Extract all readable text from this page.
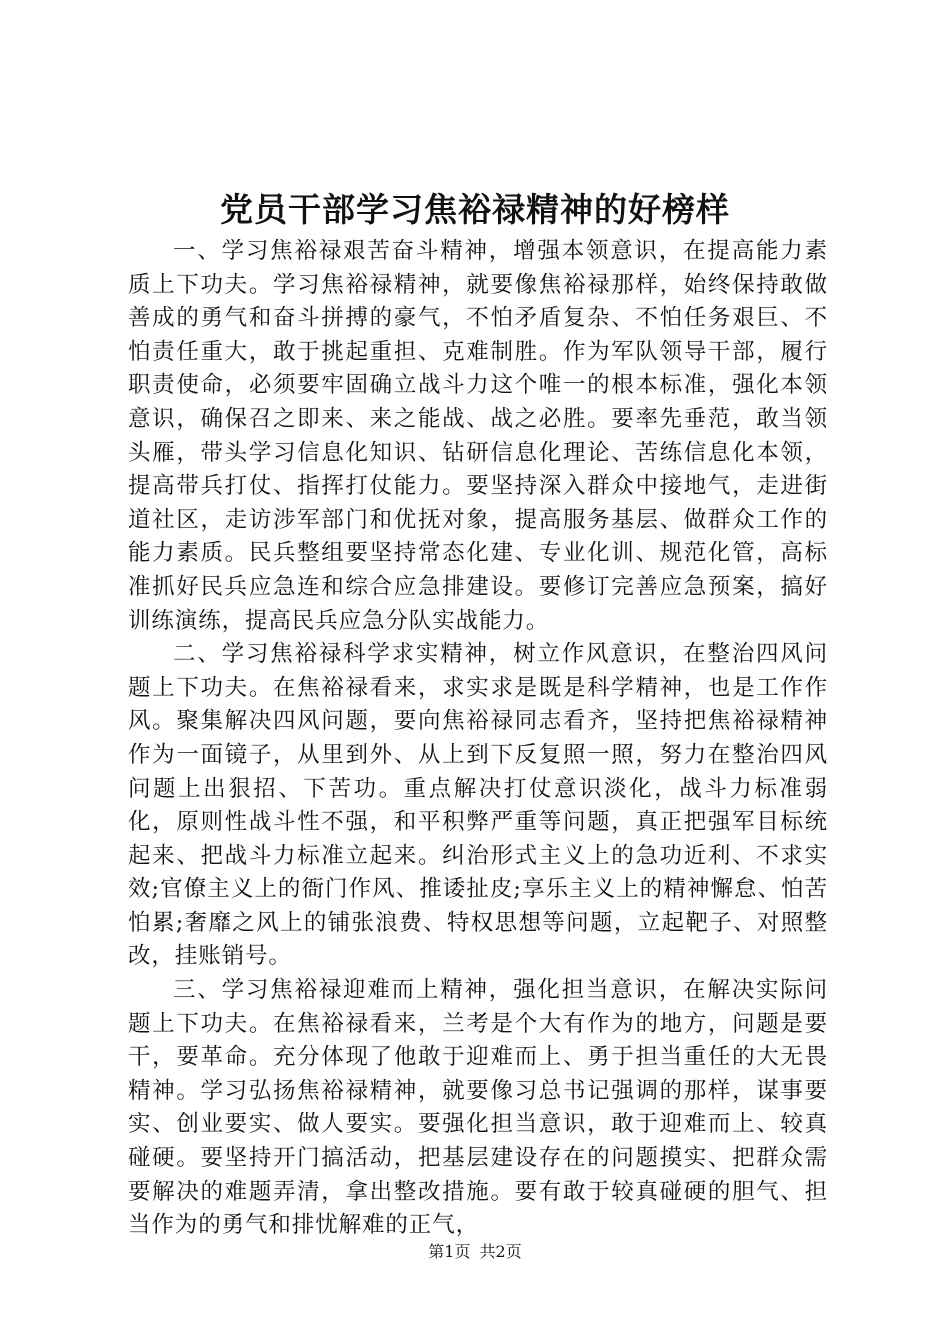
党员干部学习焦裕禄精神的好榜样

一、学习焦裕禄艰苦奋斗精神，增强本领意识，在提高能力素质上下功夫。学习焦裕禄精神，就要像焦裕禄那样，始终保持敢做善成的勇气和奋斗拼搏的豪气，不怕矛盾复杂、不怕任务艰巨、不怕责任重大，敢于挑起重担、克难制胜。作为军队领导干部，履行职责使命，必须要牢固确立战斗力这个唯一的根本标准，强化本领意识，确保召之即来、来之能战、战之必胜。要率先垂范，敢当领头雁，带头学习信息化知识、钻研信息化理论、苦练信息化本领，提高带兵打仗、指挥打仗能力。要坚持深入群众中接地气，走进街道社区，走访涉军部门和优抚对象，提高服务基层、做群众工作的能力素质。民兵整组要坚持常态化建、专业化训、规范化管，高标准抓好民兵应急连和综合应急排建设。要修订完善应急预案，搞好训练演练，提高民兵应急分队实战能力。

二、学习焦裕禄科学求实精神，树立作风意识，在整治四风问题上下功夫。在焦裕禄看来，求实求是既是科学精神，也是工作作风。聚集解决四风问题，要向焦裕禄同志看齐，坚持把焦裕禄精神作为一面镜子，从里到外、从上到下反复照一照，努力在整治四风问题上出狠招、下苦功。重点解决打仗意识淡化，战斗力标准弱化，原则性战斗性不强，和平积弊严重等问题，真正把强军目标统起来、把战斗力标准立起来。纠治形式主义上的急功近利、不求实效;官僚主义上的衙门作风、推诿扯皮;享乐主义上的精神懈怠、怕苦怕累;奢靡之风上的铺张浪费、特权思想等问题，立起靶子、对照整改，挂账销号。

三、学习焦裕禄迎难而上精神，强化担当意识，在解决实际问题上下功夫。在焦裕禄看来，兰考是个大有作为的地方，问题是要干，要革命。充分体现了他敢于迎难而上、勇于担当重任的大无畏精神。学习弘扬焦裕禄精神，就要像习总书记强调的那样，谋事要实、创业要实、做人要实。要强化担当意识，敢于迎难而上、较真碰硬。要坚持开门搞活动，把基层建设存在的问题摸实、把群众需要解决的难题弄清，拿出整改措施。要有敢于较真碰硬的胆气、担当作为的勇气和排忧解难的正气，

第1页 共2页
